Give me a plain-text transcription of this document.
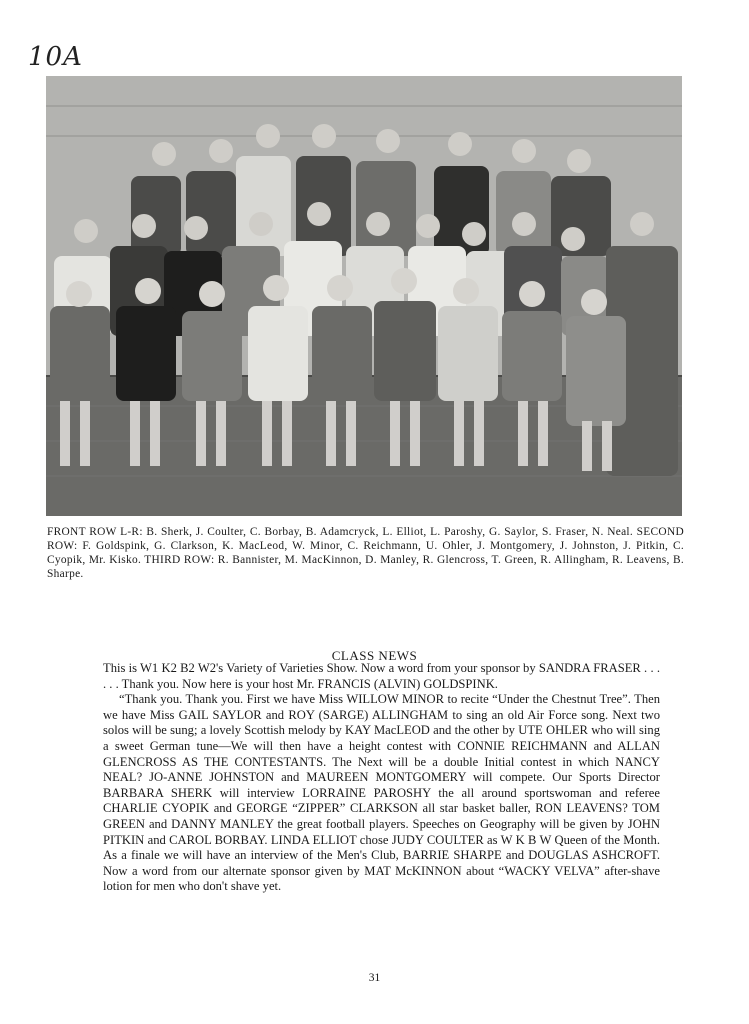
10A
FRONT ROW L-R: B. Sherk, J. Coulter, C. Borbay, B. Adamcryck, L. Elliot, L. Paroshy, G. Saylor, S. Fraser, N. Neal. SECOND ROW: F. Goldspink, G. Clarkson, K. MacLeod, W. Minor, C. Reichmann, U. Ohler, J. Montgomery, J. Johnston, J. Pitkin, C. Cyopik, Mr. Kisko. THIRD ROW: R. Bannister, M. MacKinnon, D. Manley, R. Glencross, T. Green, R. Allingham, R. Leavens, B. Sharpe.
CLASS NEWS

This is W1 K2 B2 W2's Variety of Varieties Show. Now a word from your sponsor by SANDRA FRASER . . . . . . Thank you. Now here is your host Mr. FRANCIS (ALVIN) GOLDSPINK.

“Thank you. Thank you. First we have Miss WILLOW MINOR to recite “Under the Chestnut Tree”. Then we have Miss GAIL SAYLOR and ROY (SARGE) ALLINGHAM to sing an old Air Force song. Next two solos will be sung; a lovely Scottish melody by KAY MacLEOD and the other by UTE OHLER who will sing a sweet German tune—We will then have a height contest with CONNIE REICHMANN and ALLAN GLENCROSS AS THE CONTESTANTS. The Next will be a double Initial contest in which NANCY NEAL? JO-ANNE JOHNSTON and MAUREEN MONTGOMERY will compete. Our Sports Director BARBARA SHERK will interview LORRAINE PAROSHY the all around sportswoman and referee CHARLIE CYOPIK and GEORGE “ZIPPER” CLARKSON all star basket baller, RON LEAVENS? TOM GREEN and DANNY MANLEY the great football players. Speeches on Geography will be given by JOHN PITKIN and CAROL BORBAY. LINDA ELLIOT chose JUDY COULTER as W K B W Queen of the Month. As a finale we will have an interview of the Men's Club, BARRIE SHARPE and DOUGLAS ASHCROFT. Now a word from our alternate sponsor given by MAT McKINNON about “WACKY VELVA” after-shave lotion for men who don't shave yet.

31
